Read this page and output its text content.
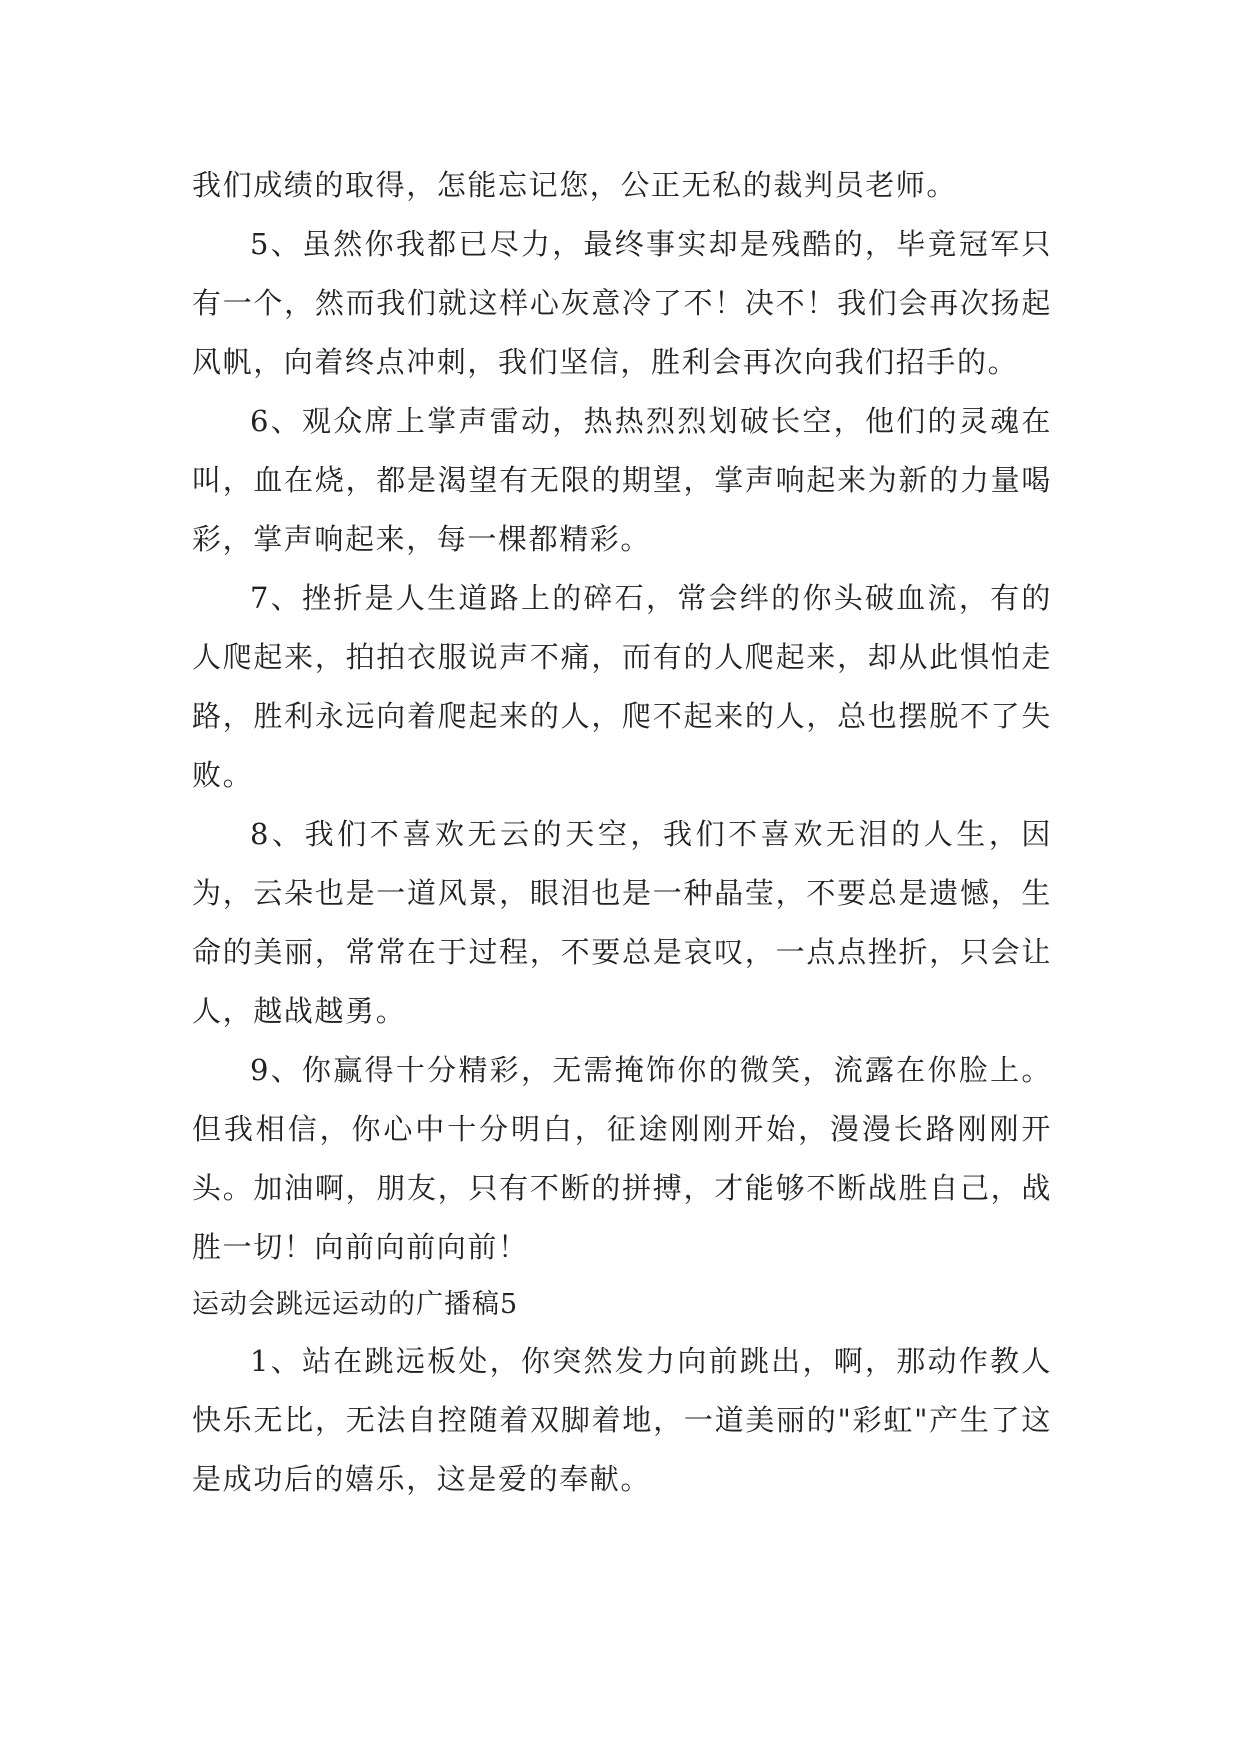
我们成绩的取得，怎能忘记您，公正无私的裁判员老师。

5、虽然你我都已尽力，最终事实却是残酷的，毕竟冠军只有一个，然而我们就这样心灰意冷了不！决不！我们会再次扬起风帆，向着终点冲刺，我们坚信，胜利会再次向我们招手的。

6、观众席上掌声雷动，热热烈烈划破长空，他们的灵魂在叫，血在烧，都是渴望有无限的期望，掌声响起来为新的力量喝彩，掌声响起来，每一棵都精彩。

7、挫折是人生道路上的碎石，常会绊的你头破血流，有的人爬起来，拍拍衣服说声不痛，而有的人爬起来，却从此惧怕走路，胜利永远向着爬起来的人，爬不起来的人，总也摆脱不了失败。

8、我们不喜欢无云的天空，我们不喜欢无泪的人生，因为，云朵也是一道风景，眼泪也是一种晶莹，不要总是遗憾，生命的美丽，常常在于过程，不要总是哀叹，一点点挫折，只会让人，越战越勇。

9、你赢得十分精彩，无需掩饰你的微笑，流露在你脸上。但我相信，你心中十分明白，征途刚刚开始，漫漫长路刚刚开头。加油啊，朋友，只有不断的拼搏，才能够不断战胜自己，战胜一切！向前向前向前！

运动会跳远运动的广播稿5

1、站在跳远板处，你突然发力向前跳出，啊，那动作教人快乐无比，无法自控随着双脚着地，一道美丽的"彩虹"产生了这是成功后的嬉乐，这是爱的奉献。
